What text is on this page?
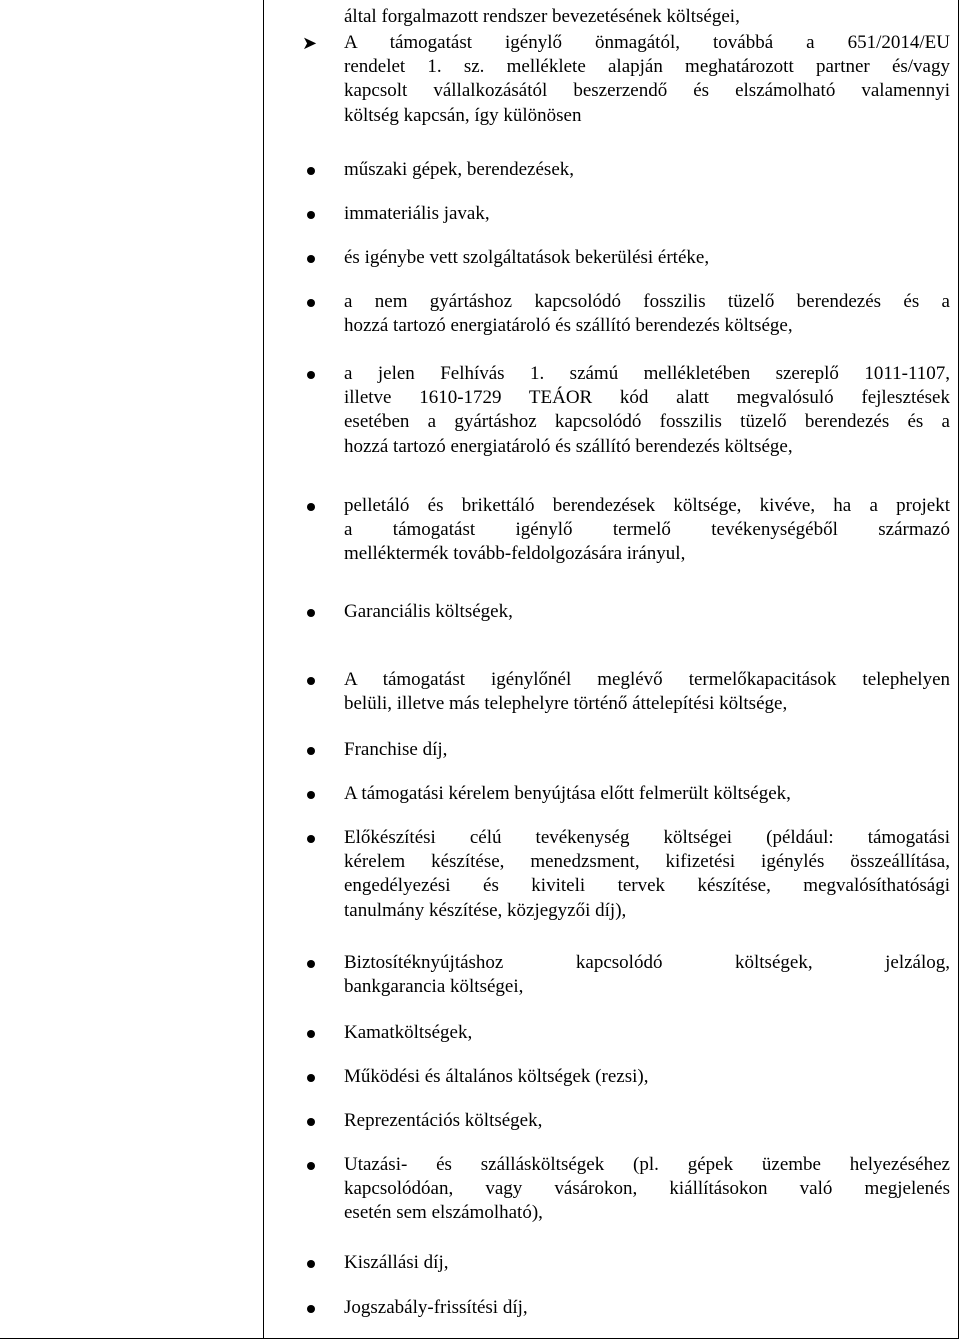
által forgalmazott rendszer bevezetésének költségei,
➤ A támogatást igénylő önmagától, továbbá a 651/2014/EU
rendelet 1. sz. melléklete alapján meghatározott partner és/vagy
kapcsolt vállalkozásától beszerzendő és elszámolható valamennyi
költség kapcsán, így különösen
műszaki gépek, berendezések,
immateriális javak,
és igénybe vett szolgáltatások bekerülési értéke,
a nem gyártáshoz kapcsolódó fosszilis tüzelő berendezés és a
hozzá tartozó energiatároló és szállító berendezés költsége,
a jelen Felhívás 1. számú mellékletében szereplő 1011-1107,
illetve 1610-1729 TEÁOR kód alatt megvalósuló fejlesztések
esetében a gyártáshoz kapcsolódó fosszilis tüzelő berendezés és a
hozzá tartozó energiatároló és szállító berendezés költsége,
pelletáló és brikettáló berendezések költsége, kivéve, ha a projekt
a támogatást igénylő termelő tevékenységéből származó
melléktermék tovább-feldolgozására irányul,
Garanciális költségek,
A támogatást igénylőnél meglévő termelőkapacitások telephelyen
belüli, illetve más telephelyre történő áttelepítési költsége,
Franchise díj,
A támogatási kérelem benyújtása előtt felmerült költségek,
Előkészítési célú tevékenység költségei (például: támogatási
kérelem készítése, menedzsment, kifizetési igénylés összeállítása,
engedélyezési és kiviteli tervek készítése, megvalósíthatósági
tanulmány készítése, közjegyzői díj),
Biztosítéknyújtáshoz kapcsolódó költségek, jelzálog,
bankgarancia költségei,
Kamatköltségek,
Működési és általános költségek (rezsi),
Reprezentációs költségek,
Utazási- és szállásköltségek (pl. gépek üzembe helyezéséhez
kapcsolódóan, vagy vásárokon, kiállításokon való megjelenés
esetén sem elszámolható),
Kiszállási díj,
Jogszabály-frissítési díj,
